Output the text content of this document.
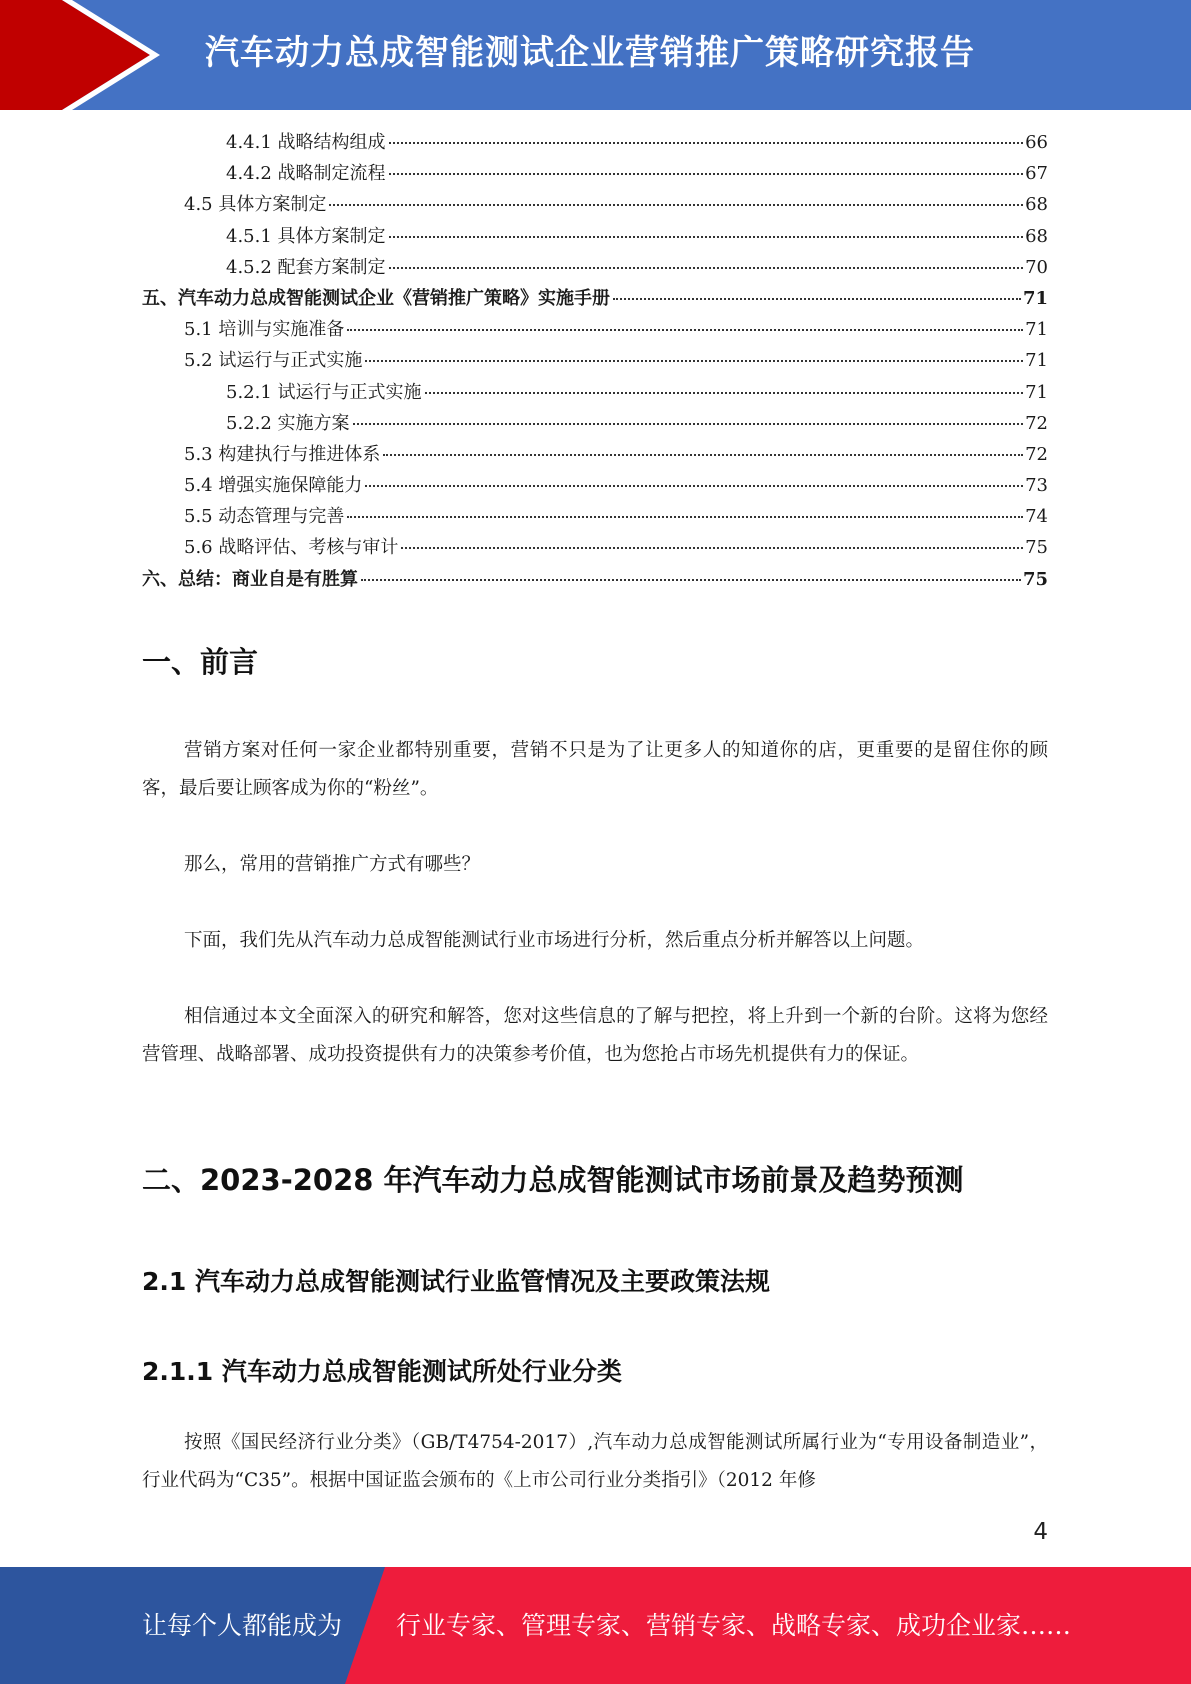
汽车动力总成智能测试企业营销推广策略研究报告
4.4.1 战略结构组成	66
4.4.2 战略制定流程	67
4.5 具体方案制定	68
4.5.1 具体方案制定	68
4.5.2 配套方案制定	70
五、汽车动力总成智能测试企业《营销推广策略》实施手册	71
5.1 培训与实施准备	71
5.2 试运行与正式实施	71
5.2.1 试运行与正式实施	71
5.2.2 实施方案	72
5.3 构建执行与推进体系	72
5.4 增强实施保障能力	73
5.5 动态管理与完善	74
5.6 战略评估、考核与审计	75
六、总结：商业自是有胜算	75
一、前言

营销方案对任何一家企业都特别重要，营销不只是为了让更多人的知道你的店，更重要的是留住你的顾客，最后要让顾客成为你的“粉丝”。

那么，常用的营销推广方式有哪些？

下面，我们先从汽车动力总成智能测试行业市场进行分析，然后重点分析并解答以上问题。

相信通过本文全面深入的研究和解答，您对这些信息的了解与把控，将上升到一个新的台阶。这将为您经营管理、战略部署、成功投资提供有力的决策参考价值，也为您抢占市场先机提供有力的保证。

二、2023-2028 年汽车动力总成智能测试市场前景及趋势预测
2.1 汽车动力总成智能测试行业监管情况及主要政策法规
2.1.1 汽车动力总成智能测试所处行业分类

按照《国民经济行业分类》（GB/T4754-2017）,汽车动力总成智能测试所属行业为“专用设备制造业”，行业代码为“C35”。根据中国证监会颁布的《上市公司行业分类指引》（2012 年修

4
让每个人都能成为 行业专家、管理专家、营销专家、战略专家、成功企业家……
